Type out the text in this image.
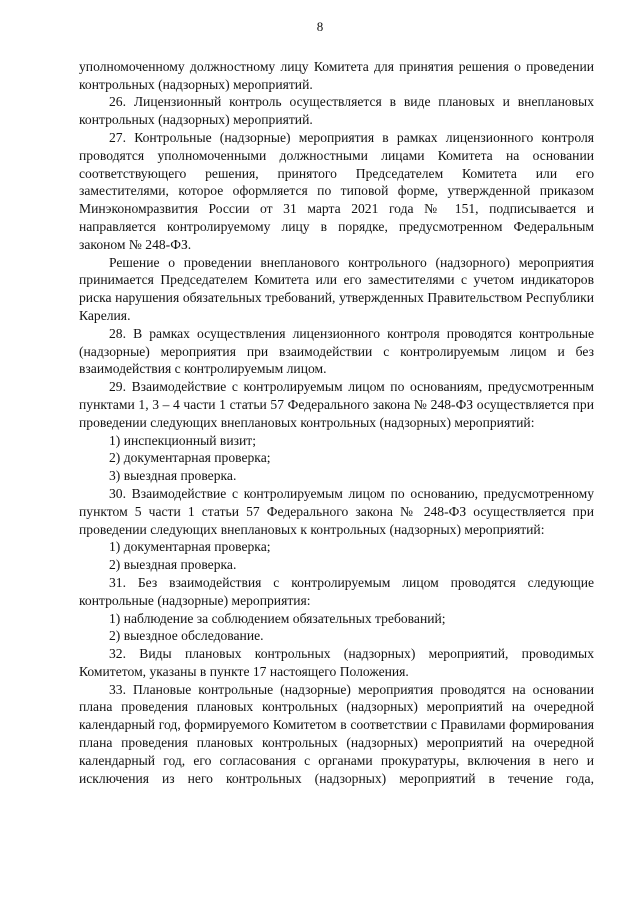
8

уполномоченному должностному лицу Комитета для принятия решения о проведении контрольных (надзорных) мероприятий.

26. Лицензионный контроль осуществляется в виде плановых и внеплановых контрольных (надзорных) мероприятий.

27. Контрольные (надзорные) мероприятия в рамках лицензионного контроля проводятся уполномоченными должностными лицами Комитета на основании соответствующего решения, принятого Председателем Комитета или его заместителями, которое оформляется по типовой форме, утвержденной приказом Минэкономразвития России от 31 марта 2021 года № 151, подписывается и направляется контролируемому лицу в порядке, предусмотренном Федеральным законом № 248-ФЗ.

Решение о проведении внепланового контрольного (надзорного) мероприятия принимается Председателем Комитета или его заместителями с учетом индикаторов риска нарушения обязательных требований, утвержденных Правительством Республики Карелия.

28. В рамках осуществления лицензионного контроля проводятся контрольные (надзорные) мероприятия при взаимодействии с контролируемым лицом и без взаимодействия с контролируемым лицом.

29. Взаимодействие с контролируемым лицом по основаниям, предусмотренным пунктами 1, 3 – 4 части 1 статьи 57 Федерального закона № 248-ФЗ осуществляется при проведении следующих внеплановых контрольных (надзорных) мероприятий:

1) инспекционный визит;

2) документарная проверка;

3) выездная проверка.

30. Взаимодействие с контролируемым лицом по основанию, предусмотренному пунктом 5 части 1 статьи 57 Федерального закона № 248-ФЗ осуществляется при проведении следующих внеплановых к контрольных (надзорных) мероприятий:

1) документарная проверка;

2) выездная проверка.

31. Без взаимодействия с контролируемым лицом проводятся следующие контрольные (надзорные) мероприятия:

1) наблюдение за соблюдением обязательных требований;

2) выездное обследование.

32. Виды плановых контрольных (надзорных) мероприятий, проводимых Комитетом, указаны в пункте 17 настоящего Положения.

33. Плановые контрольные (надзорные) мероприятия проводятся на основании плана проведения плановых контрольных (надзорных) мероприятий на очередной календарный год, формируемого Комитетом в соответствии с Правилами формирования плана проведения плановых контрольных (надзорных) мероприятий на очередной календарный год, его согласования с органами прокуратуры, включения в него и исключения из него контрольных (надзорных) мероприятий в течение года,
